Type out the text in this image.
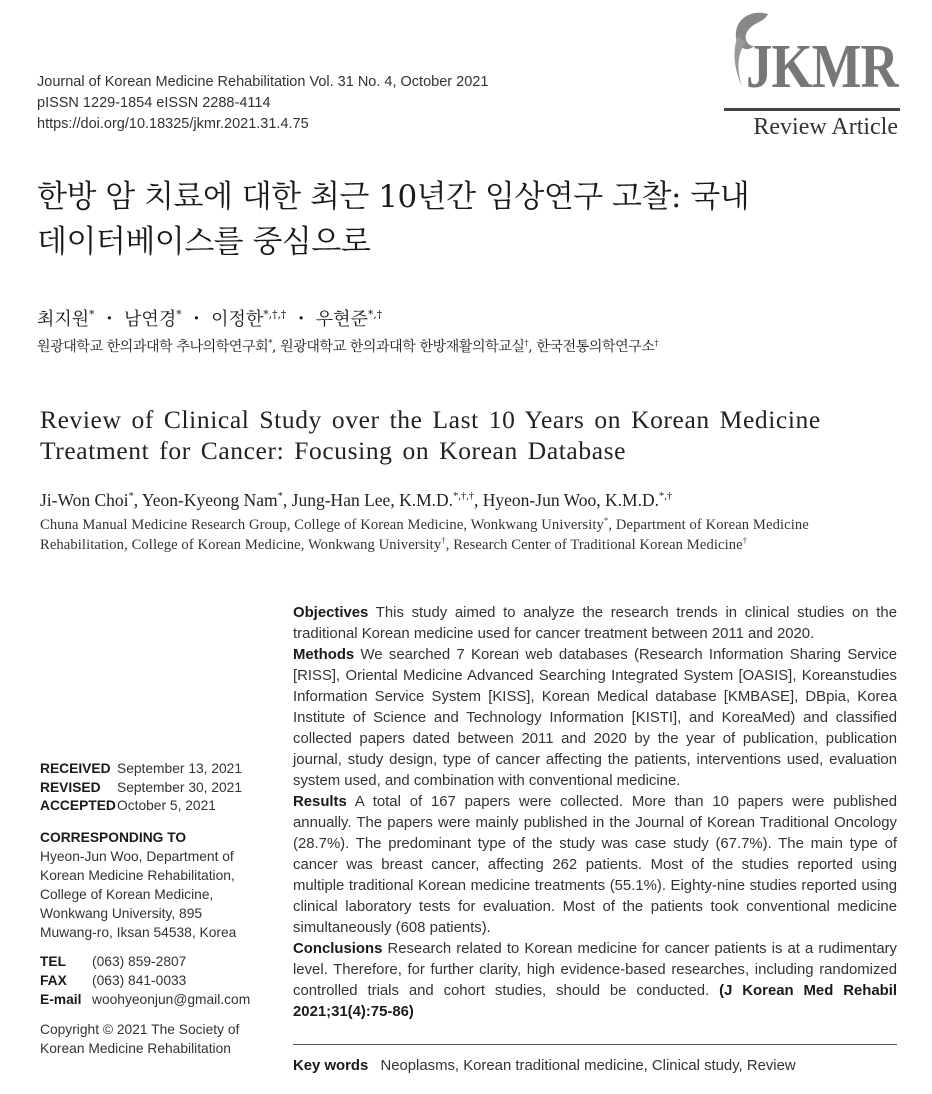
Journal of Korean Medicine Rehabilitation Vol. 31 No. 4, October 2021
pISSN 1229-1854 eISSN 2288-4114
https://doi.org/10.18325/jkmr.2021.31.4.75
JKMR
Review Article
한방 암 치료에 대한 최근 10년간 임상연구 고찰: 국내
데이터베이스를 중심으로
최지원* ・ 남연경* ・ 이정한*,†,† ・ 우현준*,†
원광대학교 한의과대학 추나의학연구회*, 원광대학교 한의과대학 한방재활의학교실†, 한국전통의학연구소†
Review of Clinical Study over the Last 10 Years on Korean Medicine
Treatment for Cancer: Focusing on Korean Database
Ji-Won Choi*, Yeon-Kyeong Nam*, Jung-Han Lee, K.M.D.*,†,†, Hyeon-Jun Woo, K.M.D.*,†
Chuna Manual Medicine Research Group, College of Korean Medicine, Wonkwang University*, Department of Korean Medicine Rehabilitation, College of Korean Medicine, Wonkwang University†, Research Center of Traditional Korean Medicine†
RECEIVED September 13, 2021
REVISED	September 30, 2021
ACCEPTED October 5, 2021
CORRESPONDING TO
Hyeon-Jun Woo, Department of
Korean Medicine Rehabilitation,
College of Korean Medicine,
Wonkwang University, 895
Muwang-ro, Iksan 54538, Korea
TEL	(063) 859-2807
FAX	(063) 841-0033
E-mail woohyeonjun@gmail.com
Copyright © 2021 The Society of
Korean Medicine Rehabilitation
Objectives This study aimed to analyze the research trends in clinical studies on the traditional Korean medicine used for cancer treatment between 2011 and 2020.
Methods We searched 7 Korean web databases (Research Information Sharing Service [RISS], Oriental Medicine Advanced Searching Integrated System [OASIS], Koreanstudies Information Service System [KISS], Korean Medical database [KMBASE], DBpia, Korea Institute of Science and Technology Information [KISTI], and KoreaMed) and classified collected papers dated between 2011 and 2020 by the year of publication, publication journal, study design, type of cancer affecting the patients, interventions used, evaluation system used, and combination with conventional medicine.
Results A total of 167 papers were collected. More than 10 papers were published annually. The papers were mainly published in the Journal of Korean Traditional Oncology (28.7%). The predominant type of the study was case study (67.7%). The main type of cancer was breast cancer, affecting 262 patients. Most of the studies reported using multiple traditional Korean medicine treatments (55.1%). Eighty-nine studies reported using clinical laboratory tests for evaluation. Most of the patients took conventional medicine simultaneously (608 patients).
Conclusions Research related to Korean medicine for cancer patients is at a rudimentary level. Therefore, for further clarity, high evidence-based researches, including randomized controlled trials and cohort studies, should be conducted. (J Korean Med Rehabil 2021;31(4):75-86)
Key words Neoplasms, Korean traditional medicine, Clinical study, Review
